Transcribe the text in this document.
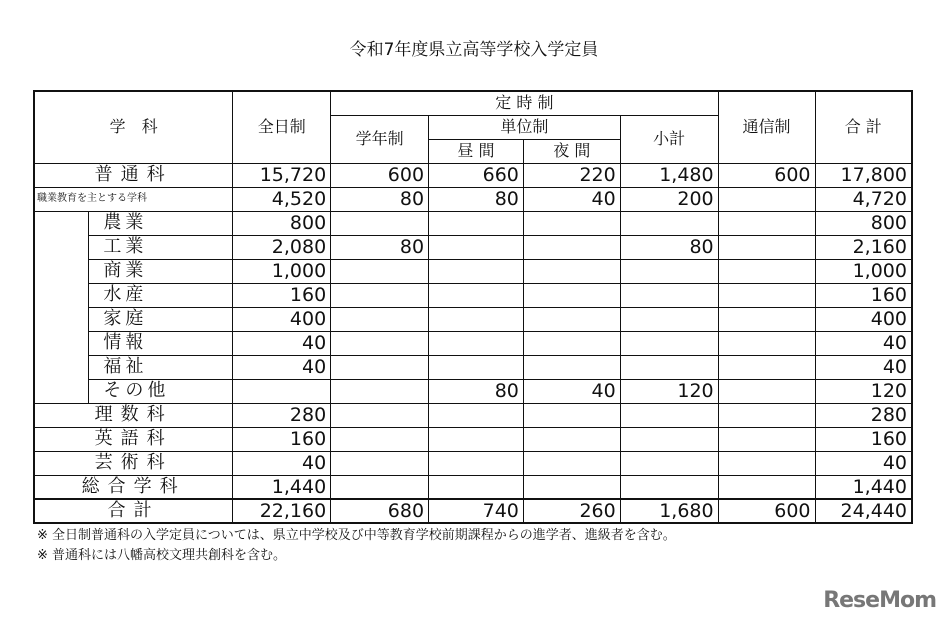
令和7年度県立高等学校入学定員
学　科		全日制	定 時 制				通信制	合 計
			学年制	単位制		小計		
				昼 間	夜 間			
普通科		15,720	600	660	220	1,480	600	17,800
職業教育を主とする学科		4,520	80	80	40	200		4,720
	農業	800						800
	工業	2,080	80			80		2,160
	商業	1,000						1,000
	水産	160						160
	家庭	400						400
	情報	40						40
	福祉	40						40
	その他			80	40	120		120
理数科		280						280
英語科		160						160
芸術科		40						40
総合学科		1,440						1,440
合計		22,160	680	740	260	1,680	600	24,440
※ 全日制普通科の入学定員については、県立中学校及び中等教育学校前期課程からの進学者、進級者を含む。
※ 普通科には八幡高校文理共創科を含む。
ReseMom
